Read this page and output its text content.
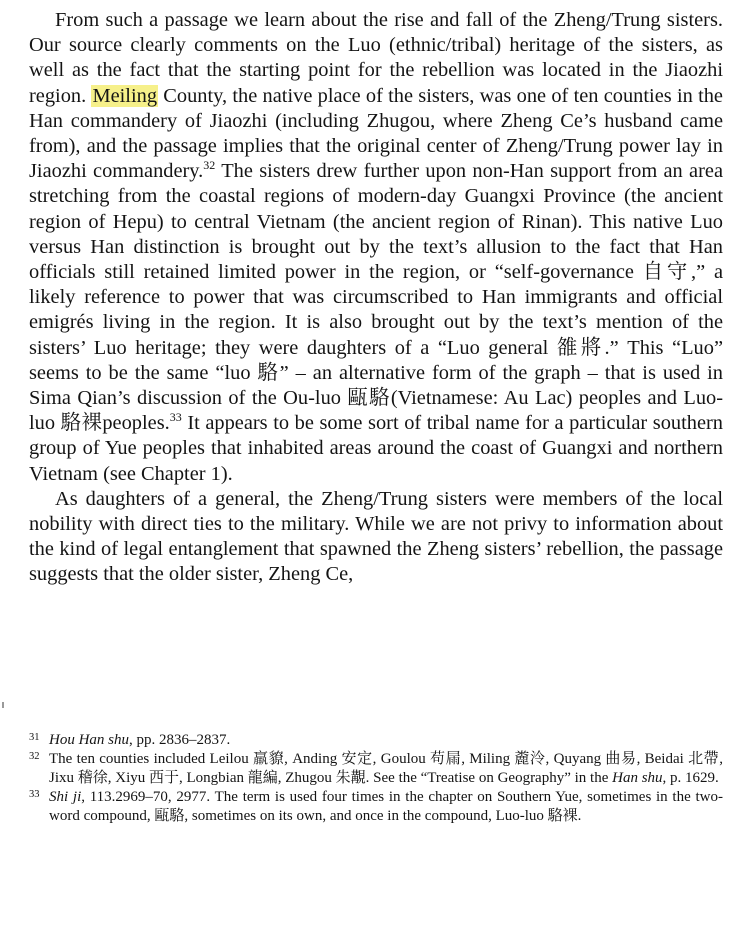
From such a passage we learn about the rise and fall of the Zheng/Trung sisters. Our source clearly comments on the Luo (ethnic/tribal) heritage of the sisters, as well as the fact that the starting point for the rebellion was located in the Jiaozhi region. Meiling County, the native place of the sisters, was one of ten counties in the Han commandery of Jiaozhi (including Zhugou, where Zheng Ce’s husband came from), and the passage implies that the original center of Zheng/Trung power lay in Jiaozhi commandery.$^{32}$ The sisters drew further upon non-Han support from an area stretching from the coastal regions of modern-day Guangxi Province (the ancient region of Hepu) to central Vietnam (the ancient region of Rinan). This native Luo versus Han distinction is brought out by the text’s allusion to the fact that Han officials still retained limited power in the region, or “self-governance 自守,” a likely reference to power that was circumscribed to Han immigrants and official emigrés living in the region. It is also brought out by the text’s mention of the sisters’ Luo heritage; they were daughters of a “Luo general 雒將.” This “Luo” seems to be the same “luo 駱” – an alternative form of the graph – that is used in Sima Qian’s discussion of the Ou-luo 甌駱(Vietnamese: Au Lac) peoples and Luo-luo 駱裸peoples.$^{33}$ It appears to be some sort of tribal name for a particular southern group of Yue peoples that inhabited areas around the coast of Guangxi and northern Vietnam (see Chapter 1).

As daughters of a general, the Zheng/Trung sisters were members of the local nobility with direct ties to the military. While we are not privy to information about the kind of legal entanglement that spawned the Zheng sisters’ rebellion, the passage suggests that the older sister, Zheng Ce,

31 Hou Han shu, pp. 2836–2837.

32 The ten counties included Leilou 羸䝤, Anding 安定, Goulou 苟屚, Miling 麊泠, Quyang 曲易, Beidai 北帶, Jixu 稽徐, Xiyu 西于, Longbian 龍編, Zhugou 朱覯. See the “Treatise on Geography” in the Han shu, p. 1629.

33 Shi ji, 113.2969–70, 2977. The term is used four times in the chapter on Southern Yue, sometimes in the two-word compound, 甌駱, sometimes on its own, and once in the compound, Luo-luo 駱裸.
